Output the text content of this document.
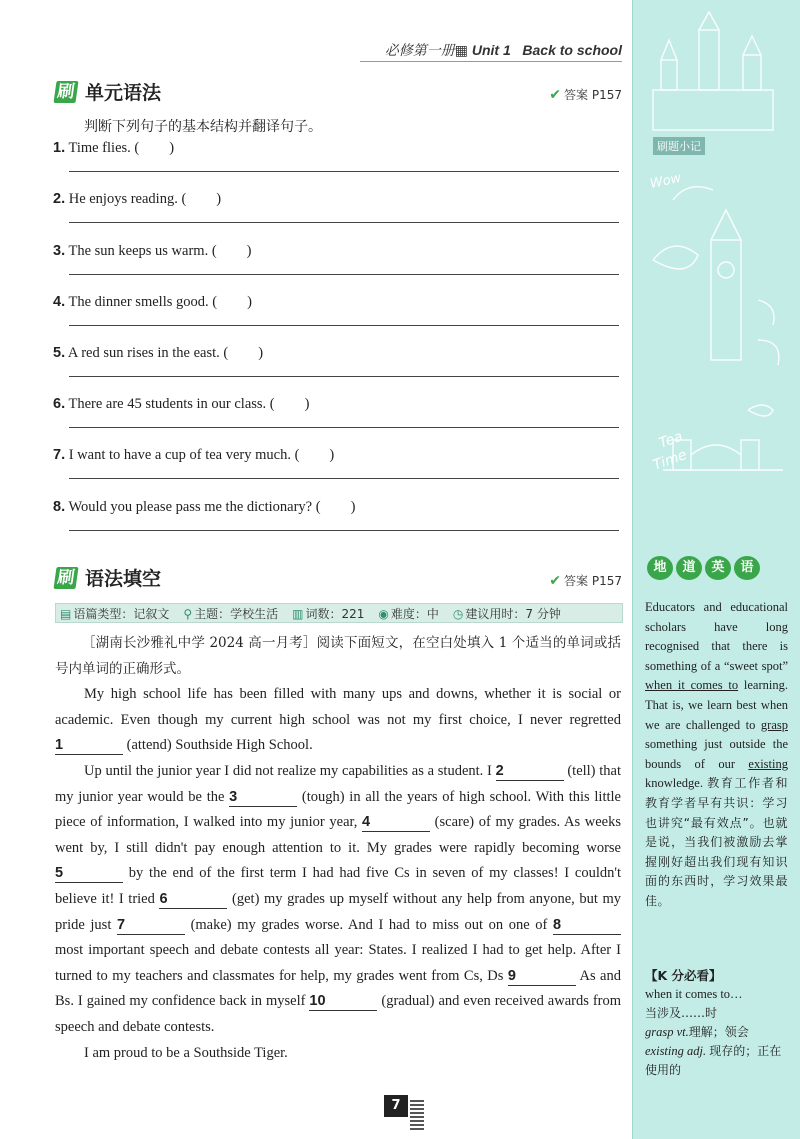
必修第一册▦ Unit 1 Back to school
刷 单元语法	✔ 答案 P157
判断下列句子的基本结构并翻译句子。
1. Time flies. ( )
2. He enjoys reading. ( )
3. The sun keeps us warm. ( )
4. The dinner smells good. ( )
5. A red sun rises in the east. ( )
6. There are 45 students in our class. ( )
7. I want to have a cup of tea very much. ( )
8. Would you please pass me the dictionary? ( )
刷 语法填空	✔ 答案 P157
▤ 语篇类型：记叙文 ⚲ 主题：学校生活 ▥ 词数：221 ◉ 难度：中 ◷ 建议用时：7 分钟

［湖南长沙雅礼中学 2024 高一月考］阅读下面短文，在空白处填入 1 个适当的单词或括号内单词的正确形式。

My high school life has been filled with many ups and downs, whether it is social or academic. Even though my current high school was not my first choice, I never regretted 1	(attend) Southside High School.

Up until the junior year I did not realize my capabilities as a student. I 2	(tell) that my junior year would be the 3	(tough) in all the years of high school. With this little piece of information, I walked into my junior year, 4	(scare) of my grades. As weeks went by, I still didn't pay enough attention to it. My grades were rapidly becoming worse 5	by the end of the first term I had had five Cs in seven of my classes! I couldn't believe it! I tried 6	(get) my grades up myself without any help from anyone, but my pride just 7	(make) my grades worse. And I had to miss out on one of 8 most important speech and debate contests all year: States. I realized I had to get help. After I turned to my teachers and classmates for help, my grades went from Cs, Ds 9	As and Bs. I gained my confidence back in myself 10	(gradual) and even received awards from speech and debate contests.

I am proud to be a Southside Tiger.

7
Wow
Tea
Time
刷题小记
地	道	英	语
Educators and educational scholars have long recognised that there is something of a “sweet spot” when it comes to learning. That is, we learn best when we are challenged to grasp something just outside the bounds of our existing knowledge. 教育工作者和教育学者早有共识：学习也讲究“最有效点”。也就是说，当我们被激励去掌握刚好超出我们现有知识面的东西时，学习效果最佳。
【K 分必看】
when it comes to…
当涉及……时
grasp vt.理解；领会
existing adj. 现存的；正在使用的
